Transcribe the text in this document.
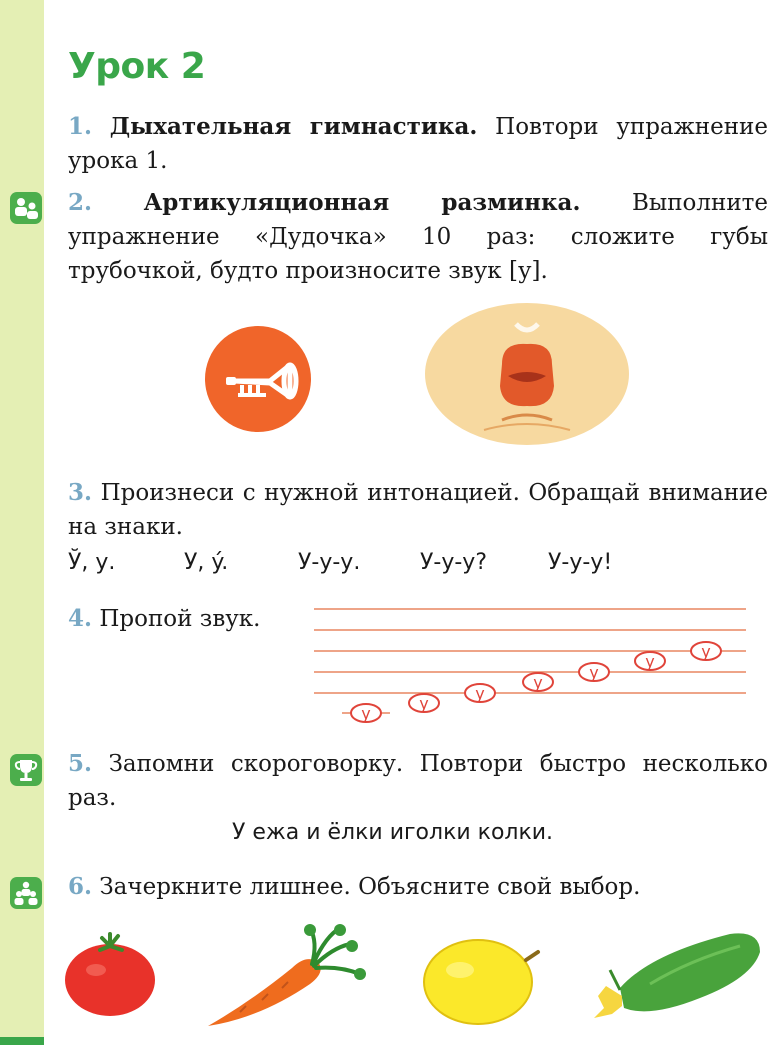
Урок 2
1. Дыхательная гимнастика. Повтори упражнение урока 1.
2. Артикуляционная разминка. Выполните упражнение «Дудочка» 10 раз: сложите губы трубочкой, будто произносите звук [у].
3. Произнеси с нужной интонацией. Обращай внимание на знаки.
Ў, у.	У, ý.	У-у-у.	У-у-у?	У-у-у!
4. Пропой звук.
у
у
у
у
у
у
у
5. Запомни скороговорку. Повтори быстро несколько раз.
У ежа и ёлки иголки колки.
6. Зачеркните лишнее. Объясните свой выбор.
